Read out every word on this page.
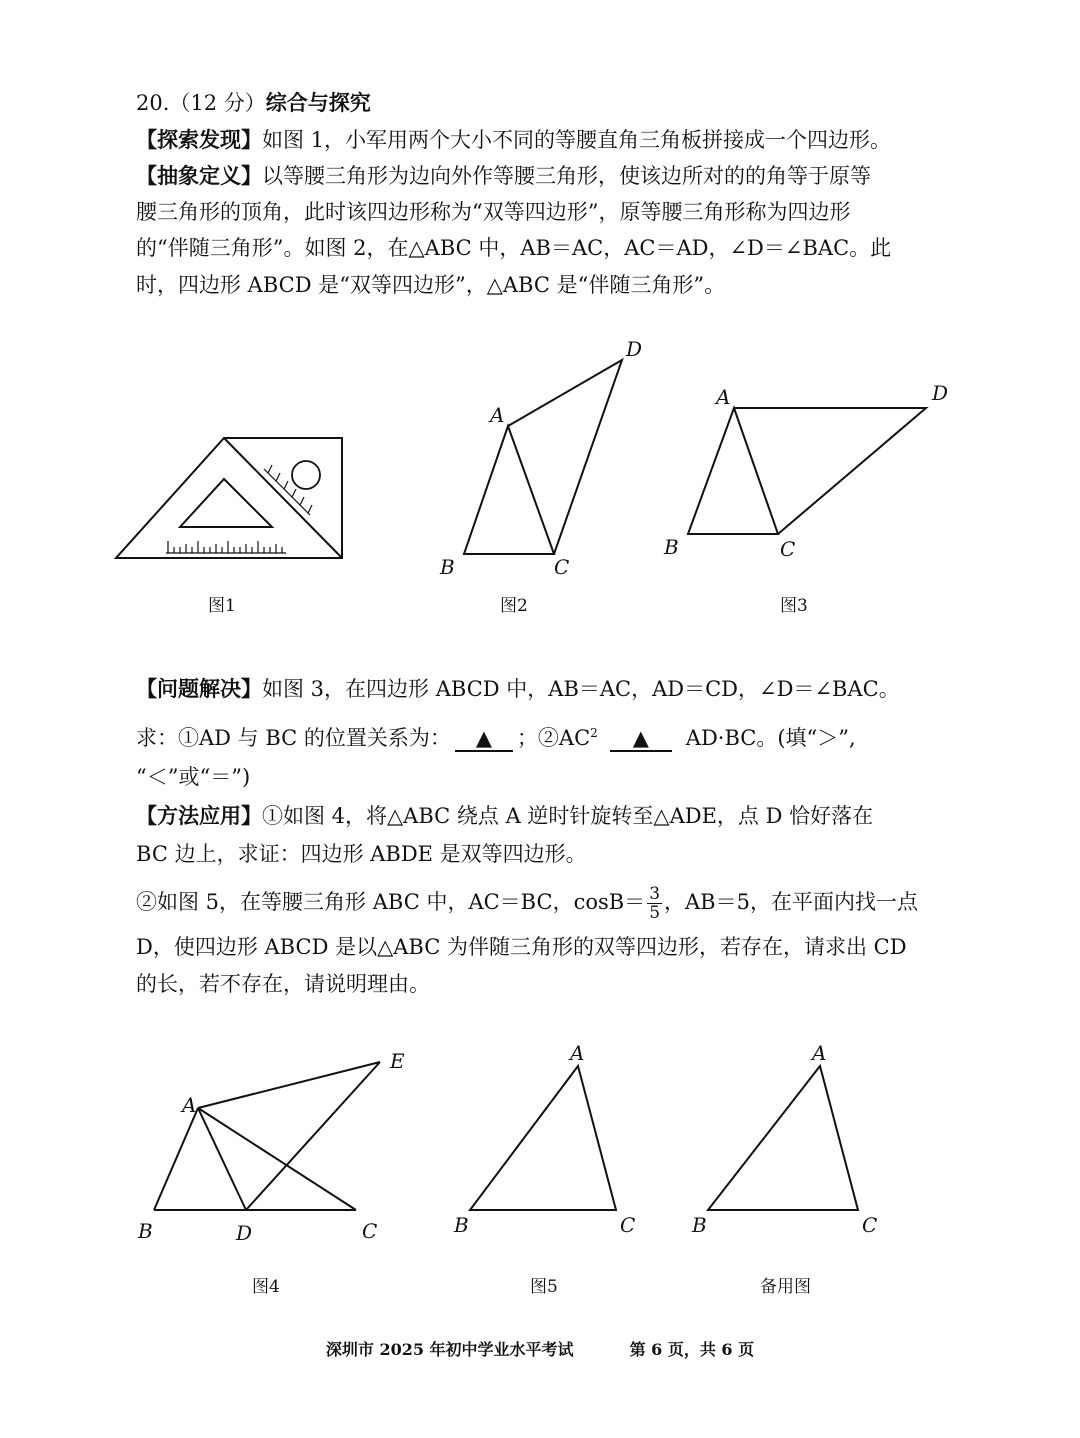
20.（12 分）综合与探究
【探索发现】如图 1，小军用两个大小不同的等腰直角三角板拼接成一个四边形。
【抽象定义】以等腰三角形为边向外作等腰三角形，使该边所对的的角等于原等
腰三角形的顶角，此时该四边形称为“双等四边形”，原等腰三角形称为四边形
的“伴随三角形”。如图 2，在△ABC 中，AB＝AC，AC＝AD，∠D＝∠BAC。此
时，四边形 ABCD 是“双等四边形”，△ABC 是“伴随三角形”。
图1
A
B	C
D
图2
A
B	C
D
图3
【问题解决】如图 3，在四边形 ABCD 中，AB＝AC，AD＝CD，∠D＝∠BAC。
求：①AD 与 BC 的位置关系为： ▲ ；$②AC^2$ ▲ AD·BC。(填“＞”,
“＜”或“＝”)
【方法应用】①如图 4，将△ABC 绕点 A 逆时针旋转至△ADE，点 D 恰好落在
BC 边上，求证：四边形 ABDE 是双等四边形。
②如图 5，在等腰三角形 ABC 中，AC＝BC，$\cos B= \frac{3}{5}$ ，AB＝5，在平面内找一点
D，使四边形 ABCD 是以△ABC 为伴随三角形的双等四边形，若存在，请求出 CD
的长，若不存在，请说明理由。
A
B	C
D
E
图4
A
B	C
图5
A
B	C
备用图
深圳市 2025 年初中学业水平考试	第 6 页，共 6 页
